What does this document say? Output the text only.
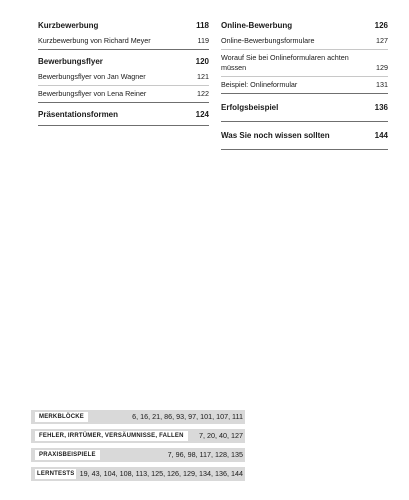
Kurzbewerbung	118
Kurzbewerbung von Richard Meyer	119
Bewerbungsflyer	120
Bewerbungsflyer von Jan Wagner	121
Bewerbungsflyer von Lena Reiner	122
Präsentationsformen	124
Online-Bewerbung	126
Online-Bewerbungsformulare	127
Worauf Sie bei Onlineformularen achten müssen	129
Beispiel: Onlineformular	131
Erfolgsbeispiel	136
Was Sie noch wissen sollten	144
MERKBLÖCKE	6, 16, 21, 86, 93, 97, 101, 107, 111
FEHLER, IRRTÜMER, VERSÄUMNISSE, FALLEN	7, 20, 40, 127
PRAXISBEISPIELE	7, 96, 98, 117, 128, 135
LERNTESTS 19, 43, 104, 108, 113, 125, 126, 129, 134, 136, 144
